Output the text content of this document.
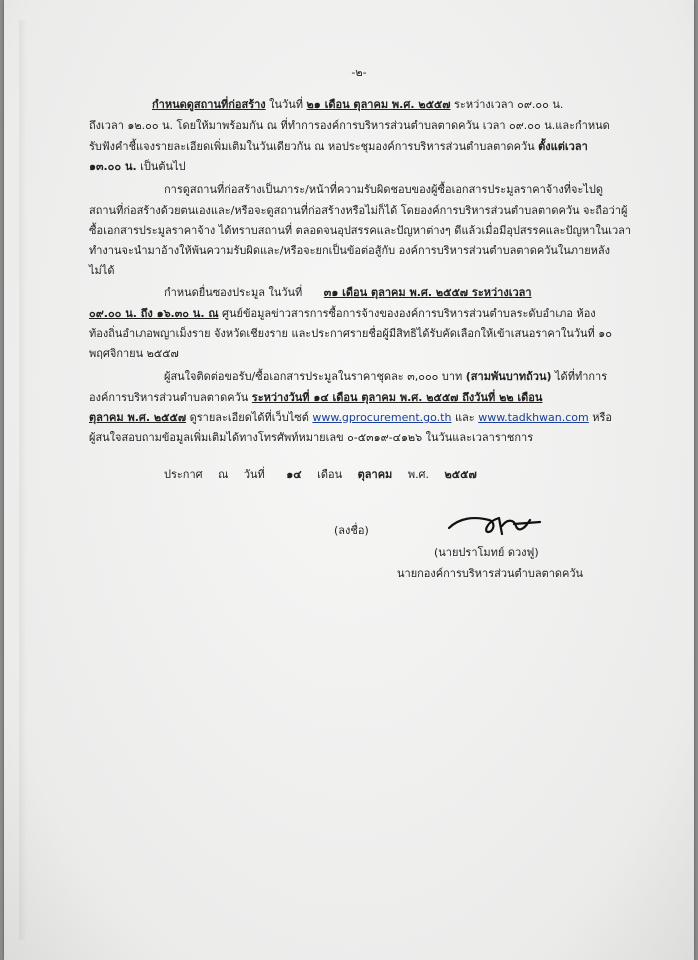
-๒-
กำหนดดูสถานที่ก่อสร้าง ในวันที่ ๒๑ เดือน ตุลาคม พ.ศ. ๒๕๕๗ ระหว่างเวลา ๐๙.๐๐ น.
ถึงเวลา ๑๒.๐๐ น. โดยให้มาพร้อมกัน ณ ที่ทำการองค์การบริหารส่วนตำบลตาดควัน เวลา ๐๙.๐๐ น.และกำหนด
รับฟังคำชี้แจงรายละเอียดเพิ่มเติมในวันเดียวกัน ณ หอประชุมองค์การบริหารส่วนตำบลตาดควัน ตั้งแต่เวลา
๑๓.๐๐ น. เป็นต้นไป
การดูสถานที่ก่อสร้างเป็นภาระ/หน้าที่ความรับผิดชอบของผู้ซื้อเอกสารประมูลราคาจ้างที่จะไปดู
สถานที่ก่อสร้างด้วยตนเองและ/หรือจะดูสถานที่ก่อสร้างหรือไม่ก็ได้ โดยองค์การบริหารส่วนตำบลตาดควัน จะถือว่าผู้
ซื้อเอกสารประมูลราคาจ้าง ได้ทราบสถานที่ ตลอดจนอุปสรรคและปัญหาต่างๆ ดีแล้วเมื่อมีอุปสรรคและปัญหาในเวลา
ทำงานจะนำมาอ้างให้พ้นความรับผิดและ/หรือจะยกเป็นข้อต่อสู้กับ องค์การบริหารส่วนตำบลตาดควันในภายหลัง
ไม่ได้
กำหนดยื่นซองประมูล ในวันที่ ๓๑ เดือน ตุลาคม พ.ศ. ๒๕๕๗ ระหว่างเวลา
๐๙.๐๐ น. ถึง ๑๖.๓๐ น. ณ ศูนย์ข้อมูลข่าวสารการซื้อการจ้างขององค์การบริหารส่วนตำบลระดับอำเภอ ห้อง
ท้องถิ่นอำเภอพญาเม็งราย จังหวัดเชียงราย และประกาศรายชื่อผู้มีสิทธิได้รับคัดเลือกให้เข้าเสนอราคาในวันที่ ๑๐
พฤศจิกายน ๒๕๕๗
ผู้สนใจติดต่อขอรับ/ซื้อเอกสารประมูลในราคาชุดละ ๓,๐๐๐ บาท (สามพันบาทถ้วน) ได้ที่ทำการ
องค์การบริหารส่วนตำบลตาดควัน ระหว่างวันที่ ๑๔ เดือน ตุลาคม พ.ศ. ๒๕๕๗ ถึงวันที่ ๒๒ เดือน
ตุลาคม พ.ศ. ๒๕๕๗ ดูรายละเอียดได้ที่เว็บไซต์ www.gprocurement.go.th และ www.tadkhwan.com หรือ
ผู้สนใจสอบถามข้อมูลเพิ่มเติมได้ทางโทรศัพท์หมายเลข ๐-๕๓๑๙-๔๑๒๖ ในวันและเวลาราชการ
ประกาศ ณ วันที่ ๑๔ เดือน ตุลาคม พ.ศ. ๒๕๕๗
(ลงชื่อ)
(นายปราโมทย์ ดวงฟู)
นายกองค์การบริหารส่วนตำบลตาดควัน
